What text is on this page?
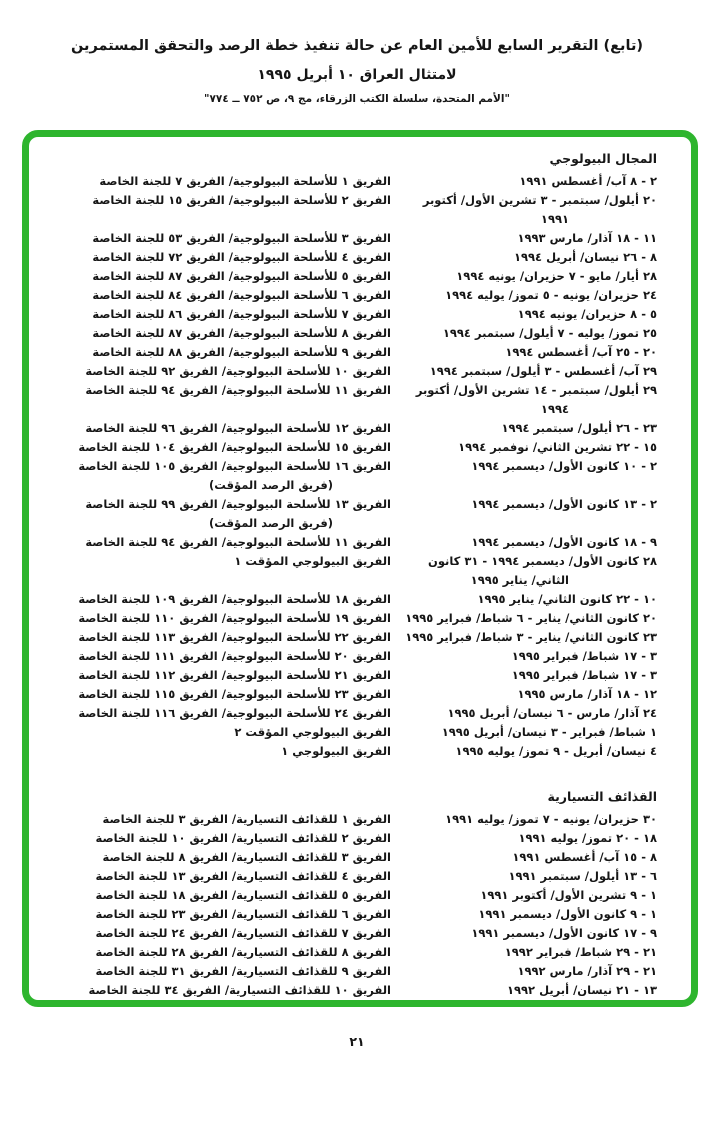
(تابع) التقرير السابع للأمين العام عن حالة تنفيذ خطة الرصد والتحقق المستمرين
لامتثال العراق ١٠ أبريل ١٩٩٥
"الأمم المتحدة، سلسلة الكتب الزرقاء، مج ٩، ص ٧٥٢ ــ ٧٧٤"
المجال البيولوجي
٢ - ٨ آب/ أغسطس ١٩٩١
الفريق ١ للأسلحة البيولوجية/ الفريق ٧ للجنة الخاصة
٢٠ أيلول/ سبتمبر - ٣ تشرين الأول/ أكتوبر ١٩٩١
الفريق ٢ للأسلحة البيولوجية/ الفريق ١٥ للجنة الخاصة
١١ - ١٨ آذار/ مارس ١٩٩٣
الفريق ٣ للأسلحة البيولوجية/ الفريق ٥٣ للجنة الخاصة
٨ - ٢٦ نيسان/ أبريل ١٩٩٤
الفريق ٤ للأسلحة البيولوجية/ الفريق ٧٢ للجنة الخاصة
٢٨ أيار/ مايو - ٧ حزيران/ يونيه ١٩٩٤
الفريق ٥ للأسلحة البيولوجية/ الفريق ٨٧ للجنة الخاصة
٢٤ حزيران/ يونيه - ٥ تموز/ يوليه ١٩٩٤
الفريق ٦ للأسلحة البيولوجية/ الفريق ٨٤ للجنة الخاصة
٥ - ٨ حزيران/ يونيه ١٩٩٤
الفريق ٧ للأسلحة البيولوجية/ الفريق ٨٦ للجنة الخاصة
٢٥ تموز/ يوليه - ٧ أيلول/ سبتمبر ١٩٩٤
الفريق ٨ للأسلحة البيولوجية/ الفريق ٨٧ للجنة الخاصة
٢٠ - ٢٥ آب/ أغسطس ١٩٩٤
الفريق ٩ للأسلحة البيولوجية/ الفريق ٨٨ للجنة الخاصة
٢٩ آب/ أغسطس - ٣ أيلول/ سبتمبر ١٩٩٤
الفريق ١٠ للأسلحة البيولوجية/ الفريق ٩٢ للجنة الخاصة
٢٩ أيلول/ سبتمبر - ١٤ تشرين الأول/ أكتوبر ١٩٩٤
الفريق ١١ للأسلحة البيولوجية/ الفريق ٩٤ للجنة الخاصة
٢٣ - ٢٦ أيلول/ سبتمبر ١٩٩٤
الفريق ١٢ للأسلحة البيولوجية/ الفريق ٩٦ للجنة الخاصة
١٥ - ٢٢ تشرين الثاني/ نوفمبر ١٩٩٤
الفريق ١٥ للأسلحة البيولوجية/ الفريق ١٠٤ للجنة الخاصة
٢ - ١٠ كانون الأول/ ديسمبر ١٩٩٤
الفريق ١٦ للأسلحة البيولوجية/ الفريق ١٠٥ للجنة الخاصة (فريق الرصد المؤقت)
٢ - ١٣ كانون الأول/ ديسمبر ١٩٩٤
الفريق ١٣ للأسلحة البيولوجية/ الفريق ٩٩ للجنة الخاصة (فريق الرصد المؤقت)
٩ - ١٨ كانون الأول/ ديسمبر ١٩٩٤
الفريق ١١ للأسلحة البيولوجية/ الفريق ٩٤ للجنة الخاصة
٢٨ كانون الأول/ ديسمبر ١٩٩٤ - ٣١ كانون الثاني/ يناير ١٩٩٥
الفريق البيولوجي المؤقت ١
١٠ - ٢٢ كانون الثاني/ يناير ١٩٩٥
الفريق ١٨ للأسلحة البيولوجية/ الفريق ١٠٩ للجنة الخاصة
٢٠ كانون الثاني/ يناير - ٦ شباط/ فبراير ١٩٩٥
الفريق ١٩ للأسلحة البيولوجية/ الفريق ١١٠ للجنة الخاصة
٢٣ كانون الثاني/ يناير - ٣ شباط/ فبراير ١٩٩٥
الفريق ٢٢ للأسلحة البيولوجية/ الفريق ١١٣ للجنة الخاصة
٣ - ١٧ شباط/ فبراير ١٩٩٥
الفريق ٢٠ للأسلحة البيولوجية/ الفريق ١١١ للجنة الخاصة
٣ - ١٧ شباط/ فبراير ١٩٩٥
الفريق ٢١ للأسلحة البيولوجية/ الفريق ١١٢ للجنة الخاصة
١٢ - ١٨ آذار/ مارس ١٩٩٥
الفريق ٢٣ للأسلحة البيولوجية/ الفريق ١١٥ للجنة الخاصة
٢٤ آذار/ مارس - ٦ نيسان/ أبريل ١٩٩٥
الفريق ٢٤ للأسلحة البيولوجية/ الفريق ١١٦ للجنة الخاصة
١ شباط/ فبراير - ٣ نيسان/ أبريل ١٩٩٥
الفريق البيولوجي المؤقت ٢
٤ نيسان/ أبريل - ٩ تموز/ يوليه ١٩٩٥
الفريق البيولوجي ١
القذائف التسيارية
٣٠ حزيران/ يونيه - ٧ تموز/ يوليه ١٩٩١
الفريق ١ للقذائف التسيارية/ الفريق ٣ للجنة الخاصة
١٨ - ٢٠ تموز/ يوليه ١٩٩١
الفريق ٢ للقذائف التسيارية/ الفريق ١٠ للجنة الخاصة
٨ - ١٥ آب/ أغسطس ١٩٩١
الفريق ٣ للقذائف التسيارية/ الفريق ٨ للجنة الخاصة
٦ - ١٣ أيلول/ سبتمبر ١٩٩١
الفريق ٤ للقذائف التسيارية/ الفريق ١٣ للجنة الخاصة
١ - ٩ تشرين الأول/ أكتوبر ١٩٩١
الفريق ٥ للقذائف التسيارية/ الفريق ١٨ للجنة الخاصة
١ - ٩ كانون الأول/ ديسمبر ١٩٩١
الفريق ٦ للقذائف التسيارية/ الفريق ٢٣ للجنة الخاصة
٩ - ١٧ كانون الأول/ ديسمبر ١٩٩١
الفريق ٧ للقذائف التسيارية/ الفريق ٢٤ للجنة الخاصة
٢١ - ٢٩ شباط/ فبراير ١٩٩٢
الفريق ٨ للقذائف التسيارية/ الفريق ٢٨ للجنة الخاصة
٢١ - ٢٩ آذار/ مارس ١٩٩٢
الفريق ٩ للقذائف التسيارية/ الفريق ٣١ للجنة الخاصة
١٣ - ٢١ نيسان/ أبريل ١٩٩٢
الفريق ١٠ للقذائف التسيارية/ الفريق ٣٤ للجنة الخاصة
٢١
